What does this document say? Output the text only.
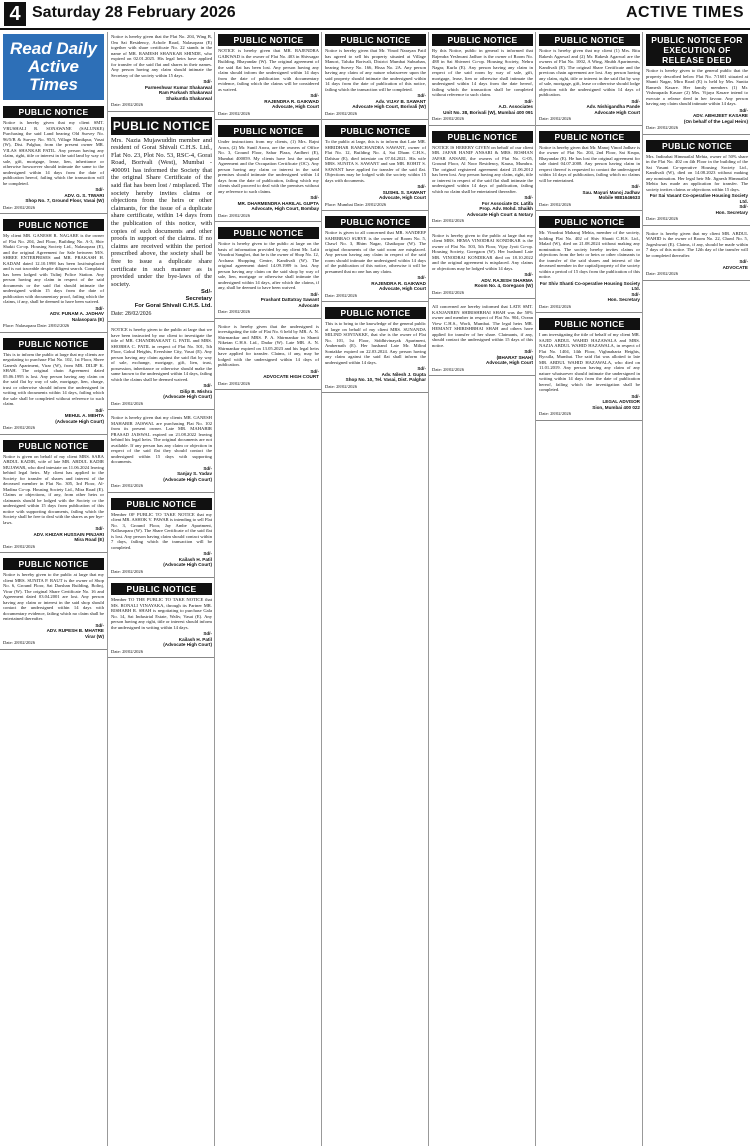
4 Saturday 28 February 2026	ACTIVE TIMES
Read Daily Active Times
PUBLIC NOTICE

Notice is hereby given that my client SMT. VRUSHALI R. SONAWANE (SALUNKE) Purchasing the said Land bearing Old Survey No. 96/5/B & Survey No. 95/3, Village Manikpur, Vasai (W), Dist. Palghar, from the present owner MR. VILAS SHANKAR PATIL. Any person having any claim, right, title or interest in the said land by way of sale, gift, mortgage, lease, lien, inheritance or otherwise howsoever should intimate the same to the undersigned within 14 days from the date of publication hereof, failing which the transaction will be completed.

Sd/-
ADV. G. S. TIWARI
Shop No. 7, Ground Floor, Vasai (W)

Date: 28/02/2026

PUBLIC NOTICE

My client MR. GANESH R. NAGARE is the owner of Flat No. 204, 2nd Floor, Building No. A-3, Shiv Shakti Co-op. Housing Society Ltd., Nalasopara (E), and the original Agreement for Sale between M/S. SHREE ENTERPRISES and MR. PRAKASH H. KADAM dated 12.10.1998 has been lost/misplaced and is not traceable despite diligent search. Complaint has been lodged with Tulinj Police Station. Any person having any claim in respect of the said documents or the said flat should intimate the undersigned within 15 days from the date of publication with documentary proof, failing which the claims, if any, shall be deemed to have been waived.

Sd/-
ADV. PUNAM A. JADHAV
Nalasopara (E)

Place: Nalasopara Date: 28/02/2026

PUBLIC NOTICE

This is to inform the public at large that my clients are negotiating to purchase Flat No. 102, 1st Floor, Shree Ganesh Apartment, Virar (W), from MR. DILIP K. SHAH. The original chain Agreement dated 05.06.1995 is lost. Any person having any claim on the said flat by way of sale, mortgage, lien, charge, trust or otherwise should inform the undersigned in writing with documents within 14 days, failing which the sale shall be completed without reference to such claim.

Sd/-
MEHUL A. MEHTA
(Advocate High Court)

Date: 28/02/2026

PUBLIC NOTICE

Notice is given on behalf of my client MRS. SARA ABDUL KADIR, wife of late MR. ABDUL KADIR MUJAWAR, who died intestate on 11.06.2024 leaving behind legal heirs. My client has applied to the Society for transfer of shares and interest of the deceased member in Flat No. 305, 3rd Floor, Al-Madina Co-op. Housing Society Ltd., Mira Road (E). Claims or objections, if any, from other heirs or claimants should be lodged with the Society or the undersigned within 15 days from publication of this notice with supporting documents, failing which the Society shall be free to deal with the shares as per bye-laws.

Sd/-
ADV. KHIZAR HUSSAIN PINJARI
Mira Road (E)

Date: 28/02/2026

PUBLIC NOTICE

Notice is hereby given to the public at large that my client MRS. SUNITA P. RAUT is the owner of Shop No. 6, Ground Floor, Sai Darshan Building, Bolinj, Virar (W). The original Share Certificate No. 16 and Agreement dated 03.04.2001 are lost. Any person having any claim or interest in the said shop should contact the undersigned within 14 days with documentary evidence, failing which no claim shall be entertained thereafter.

Sd/-
ADV. RUPESH B. MHATRE
Virar (W)

Date: 28/02/2026

Notice is hereby given that the Flat No. 204, Wing B, Om Sai Residency, Achole Road, Nalasopara (E) together with share certificate No. 22 stands in the name of MR. RAMESH SHANKAR SHINDE, who expired on 02.01.2025. His legal heirs have applied for transfer of the said flat and shares in their names. Any person having any claim should intimate the Secretary of the society within 15 days.

Sd/-
Parmeshwar Kumar Shakarwal
Ram Parkash Shakarwal
Shakuntla Shakarwal

Date: 28/02/2026

PUBLIC NOTICE

Mrs. Nazia Mujawuddin member and resident of Gorai Shivali C.H.S. Ltd., Flat No. 23, Plot No. 53, RSC-4, Gorai Road, Borivali (West), Mumbai - 400091 has informed the Society that the original Share Certificate of the said flat has been lost / misplaced. The society hereby invites claims or objections from the heirs or other claimants, for the issue of a duplicate share certificate, within 14 days from the publication of this notice, with copies of such documents and other proofs in support of the claims. If no claims are received within the period prescribed above, the society shall be free to issue a duplicate share certificate in such manner as is provided under the bye-laws of the society.

Sd/-
Secretary
For Gorai Shivali C.H.S. Ltd.

Date: 28/02/2026

NOTICE is hereby given to the public at large that we have been instructed by our client to investigate the title of MR. CHANDRAKANT G. PATIL and MRS. SHOBHA C. PATIL in respect of Flat No. 501, 5th Floor, Gokul Heights, Evershine City, Vasai (E). Any person having any claim against the said flat by way of sale, exchange, mortgage, gift, lien, trust, possession, inheritance or otherwise should make the same known to the undersigned within 14 days, failing which the claims shall be deemed waived.

Sd/-
Dilip B. Mishra
(Advocate High Court)

Date: 28/02/2026

Notice is hereby given that my clients MR. GANESH MAHABIR JAISWAL are purchasing Flat No. 102 from its present owner. Late MR. MAHABIR PRASAD JAISWAL expired on 21.08.2022 leaving behind his legal heirs. The original documents are not available. If any person has any claim or objection in respect of the said flat they should contact the undersigned within 15 days with supporting documents.

Sd/-
Sanjay S. Yadav
(Advocate High Court)

Date: 28/02/2026

PUBLIC NOTICE

Member OF PUBLIC TO TAKE NOTICE that my client MR. ASHOK V. PAWAR is intending to sell Flat No. 3, Ground Floor, Jay Ambe Apartment, Nallasopara (W). The Share Certificate of the said flat is lost. Any person having claim should contact within 7 days, failing which the transaction will be completed.

Sd/-
Kailash H. Patil
(Advocate High Court)

Date: 28/02/2026

PUBLIC NOTICE

Member TO THE PUBLIC TO TAKE NOTICE that MS. RONALI VINAYAKA, through its Partner MR. RISHABH R. SHAH is negotiating to purchase Gala No. 14, Sai Industrial Estate, Waliv, Vasai (E). Any person having any right, title or interest should inform the undersigned in writing within 14 days.

Sd/-
Kailash H. Patil
(Advocate High Court)

Date: 28/02/2026

PUBLIC NOTICE

NOTICE is hereby given that MR. RAJENDRA GAIKWAD is the owner of Flat No. 403 in Shivsagar Building, Bhayandar (W). The original agreement of the said flat has been lost. Any person having any claim should inform the undersigned within 14 days from the date of publication with documentary evidence, failing which the claims will be considered as waived.

Sd/-
RAJENDRA R. GAIKWAD
Advocate, High Court

Date: 28/02/2026

PUBLIC NOTICE

Under instructions from my clients, (1) Mrs. Rajni Arora, (2) Mr. Sunil Arora, are the owners of Office No. 3, Ground Floor, Sahar Plaza, Andheri (E), Mumbai 400059. My clients have lost the original Agreement and the Occupation Certificate (OC). Any person having any claim or interest in the said premises should intimate the undersigned within 14 days from the date of publication, failing which my clients shall proceed to deal with the premises without any reference to such claims.

Sd/-
MR. DHARMENDRA HARILAL GUPTA
Advocate, High Court, Bombay

Date: 28/02/2026

PUBLIC NOTICE

Notice is hereby given to the public at large on the basis of information provided by my client Mr. Lalit Vinodrai Sanghvi, that he is the owner of Shop No. 12, Archana Shopping Centre, Kandivali (W). The original agreement dated 14.09.1989 is lost. Any person having any claim on the said shop by way of sale, lien, mortgage or otherwise shall intimate the undersigned within 14 days, after which the claims, if any, shall be deemed to have been waived.

Sd/-
Prashant Dattatray Sawant
Advocate

Date: 28/02/2026

Notice is hereby given that the undersigned is investigating the title of Flat No. 6 held by MR. A. N. Shirmankar and MRS. P. A. Shirmankar in Shanti Niketan C.H.S. Ltd., Dadar (W). Late MR. A. N. Shirmankar expired on 13.05.2023 and his legal heirs have applied for transfer. Claims, if any, may be lodged with the undersigned within 14 days of publication.

Sd/-
ADVOCATE HIGH COURT

Date: 28/02/2026

PUBLIC NOTICE

Notice is hereby given that Mr. Vinod Narayan Patil has agreed to sell his property situated at Village Manori, Taluka Borivali, District Mumbai Suburban, bearing Survey No. 166, Hissa No. 2A. Any person having any claim of any nature whatsoever upon the said property should intimate the undersigned within 14 days from the date of publication of this notice, failing which the transaction will be completed.

Sd/-
Adv. VIJAY B. SAWANT
Advocate High Court, Borivali (W)

Date: 28/02/2026

PUBLIC NOTICE

To the public at large, this is to inform that Late MR. SHRIDHAR RAMCHANDRA SAWANT, owner of Flat No. 12, Building No. 4, Sai Dham C.H.S., Dahisar (E), died intestate on 07.04.2021. His wife MRS. SUNITA S. SAWANT and son MR. ROHIT S. SAWANT have applied for transfer of the said flat. Objections may be lodged with the society within 15 days with documents.

Sd/-
SUSHIL S. SAWANT
Advocate, High Court

Place: Mumbai Date: 28/02/2026

PUBLIC NOTICE

Notice is given to all concerned that MR. SANDEEP SAHEBRAO SURVE is the owner of Room No. 5, Chawl No. 3, Bhim Nagar, Ghatkopar (W). The original documents of the said room are misplaced. Any person having any claim in respect of the said room should intimate the undersigned within 14 days of the publication of this notice, otherwise it will be presumed that no one has any claim.

Sd/-
RAJENDRA R. GAIKWAD
Advocate, High Court

Date: 28/02/2026

PUBLIC NOTICE

This is to bring to the knowledge of the general public at large on behalf of my client MRS. SUNANDA MILIND SONTAKKE, that she is the owner of Flat No. 101, 1st Floor, Siddhivinayak Apartment, Ambernath (E). Her husband Late Mr. Milind Sontakke expired on 22.03.2024. Any person having any claim against the said flat shall inform the undersigned within 14 days.

Sd/-
Adv. Nilesh J. Gupta
Shop No. 10, Tel. Vasai, Dist. Palghar

Date: 28/02/2026

PUBLIC NOTICE

By this Notice, public in general is informed that Rajendra Yeshwant Jadhav is the owner of Room No. 488 in Sai Shivneri Co-op. Housing Society, Nehru Nagar, Kurla (E). Any person having any claim in respect of the said room by way of sale, gift, mortgage, lease, lien or otherwise shall intimate the undersigned within 14 days from the date hereof, failing which the transaction shall be completed without reference to such claim.

Sd/-
A.D. Associates
Unit No. 38, Borivali (W), Mumbai 400 091

Date: 28/02/2026

PUBLIC NOTICE

NOTICE IS HEREBY GIVEN on behalf of our client MR. JAFAR HANIF ANSARI & MRS. ROSHAN JAFAR ANSARI, the owners of Flat No. G-05, Ground Floor, Al Noor Residency, Kausa, Mumbra. The original registered agreement dated 21.06.2012 has been lost. Any person having any claim, right, title or interest in respect of the said flat shall intimate the undersigned within 14 days of publication, failing which no claim shall be entertained thereafter.

Sd/-
For Associate Dr. Latifa
Prop. Adv. Mohd. Shaikh
Advocate High Court & Notary

Date: 28/02/2026

Notice is hereby given to the public at large that my client MRS. HEMA VINODRAI KONDIKAR is the owner of Flat No. 503, 5th Floor, Vijay Jyoti Co-op. Housing Society, Goregaon (W). Her husband Late MR. VINODRAI KONDIKAR died on 18.10.2022 and the original agreement is misplaced. Any claims or objections may be lodged within 14 days.

Sd/-
ADV. RAJESH SHARMA
Room No. 4, Goregaon (W)

Date: 28/02/2026

All concerned are hereby informed that LATE SMT. KANJANBEN SHIRISHBHAI SHAH was the 50% owner and member in respect of Flat No. 904, Ocean View C.H.S., Worli, Mumbai. The legal heirs MR. HEMANT SHIRISHBHAI SHAH and others have applied for transfer of her share. Claimants, if any, should contact the undersigned within 15 days of this notice.

Sd/-
(BHARAT SHAH)
Advocate, High Court

Date: 28/02/2026

PUBLIC NOTICE

Notice is hereby given that my client (1) Mrs. Ritu Rakesh Agarwal and (2) Mr. Rakesh Agarwal are the owners of Flat No. 1002, A Wing, Shubh Apartments, Kandivali (E). The original Share Certificate and the previous chain agreement are lost. Any person having any claim, right, title or interest in the said flat by way of sale, mortgage, gift, lease or otherwise should lodge objection with the undersigned within 14 days of publication.

Sd/-
Adv. Nishigandha Pande
Advocate High Court

Date: 28/02/2026

PUBLIC NOTICE

Notice is hereby given that Mr. Manoj Vinod Jadhav is the owner of Flat No. 204, 2nd Floor, Sai Krupa, Bhayandar (E). He has lost the original agreement for sale dated 04.07.2008. Any person having claim in respect thereof is requested to contact the undersigned within 14 days of publication, failing which no claims will be entertained.

Sd/-
Sau. Mayuri Manoj Jadhav
Mobile 9881646633

Date: 28/02/2026

PUBLIC NOTICE

Mr. Vinodrai Maharaj Mehta, member of the society, holding Flat No. 402 of Shiv Shanti C.H.S. Ltd., Malad (W), died on 21.08.2024 without making any nomination. The society hereby invites claims or objections from the heir or heirs or other claimants to the transfer of the said shares and interest of the deceased member in the capital/property of the society within a period of 15 days from the publication of this notice.

For Shiv Shanti Co-operative Housing Society Ltd.
Sd/-
Hon. Secretary

Date: 28/02/2026

PUBLIC NOTICE

I am investigating the title of behalf of my client MR. SAJID ABDUL WAHID HAZAWALA and MRS. NAZIA ABDUL WAHID HAZAWALA, in respect of Flat No. 1404, 14th Floor, Vighnaharta Heights, Byculla, Mumbai. The said flat was allotted to late MR. ABDUL WAHID HAZAWALA, who died on 11.01.2019. Any person having any claim of any nature whatsoever should intimate the undersigned in writing within 14 days from the date of publication hereof, failing which the investigation shall be completed.

Sd/-
LEGAL ADVISOR
Sion, Mumbai 400 022

Date: 28/02/2026

PUBLIC NOTICE FOR EXECUTION OF RELEASE DEED

Notice is hereby given to the general public that the property described below Flat No. 7/1601 situated at Shanti Nagar, Mira Road (E) is held by Mrs. Sunita Ramesh Kasare. Her family members (1) Mr. Vishnupada Kasare (2) Mrs. Vijaya Kasare intend to execute a release deed in her favour. Any person having any claim should intimate within 14 days.

Sd/-
ADV. ABHIJEET KASARE
(On behalf of the Legal Heirs)

Date: 28/02/2026

PUBLIC NOTICE

Mrs. Indirabai Himmatlal Mehta, owner of 50% share in the Flat No. 402 on 4th Floor in the building of the Sai Vasant Co-operative Housing Society Ltd., Kandivali (W), died on 14.08.2023 without making any nomination. Her legal heir Mr. Jignesh Himmatlal Mehta has made an application for transfer. The society invites claims or objections within 15 days.

For Sai Vasant Co-operative Housing Society Ltd.
Sd/-
Hon. Secretary

Date: 28/02/2026

Notice is hereby given that my client MR. ABDUL WAHID is the owner of Room No. 22, Chawl No. 5, Jogeshwari (E). Claims, if any, should be made within 7 days of this notice. The 12th day of the transfer will be completed thereafter.

Sd/-
ADVOCATE

Date: 28/02/2026
